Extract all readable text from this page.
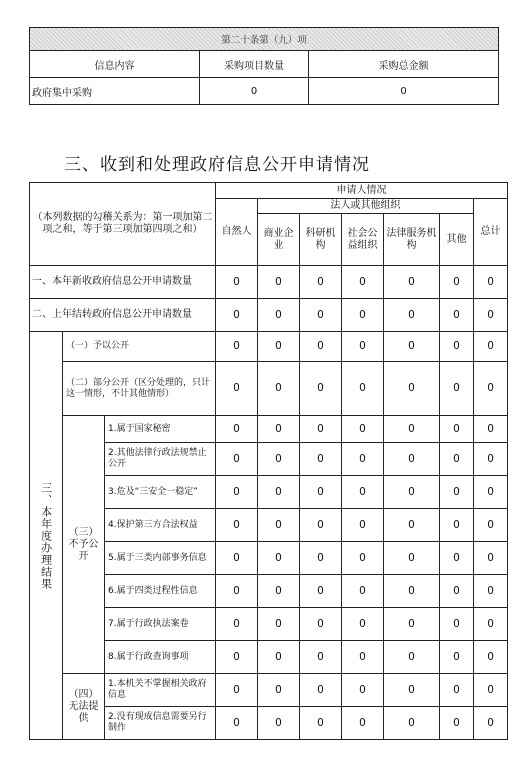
第二十条第（九）项		
信息内容	采购项目数量	采购总金额
政府集中采购	0	0
三、收到和处理政府信息公开申请情况
（本列数据的勾稽关系为：第一项加第二项之和，等于第三项加第四项之和）			申请人情况						
			自然人	法人或其他组织					总计
				商业企业	科研机构	社会公益组织	法律服务机构	其他	
一、本年新收政府信息公开申请数量			0	0	0	0	0	0	0
二、上年结转政府信息公开申请数量			0	0	0	0	0	0	0
三、本年度办理结果	（一）予以公开		0	0	0	0	0	0	0
	（二）部分公开（区分处理的，只计这一情形，不计其他情形）		0	0	0	0	0	0	0
	（三）不予公开	1.属于国家秘密	0	0	0	0	0	0	0
		2.其他法律行政法规禁止公开	0	0	0	0	0	0	0
		3.危及“三安全一稳定”	0	0	0	0	0	0	0
		4.保护第三方合法权益	0	0	0	0	0	0	0
		5.属于三类内部事务信息	0	0	0	0	0	0	0
		6.属于四类过程性信息	0	0	0	0	0	0	0
		7.属于行政执法案卷	0	0	0	0	0	0	0
		8.属于行政查询事项	0	0	0	0	0	0	0
	（四）无法提供	1.本机关不掌握相关政府信息	0	0	0	0	0	0	0
		2.没有现成信息需要另行制作	0	0	0	0	0	0	0
